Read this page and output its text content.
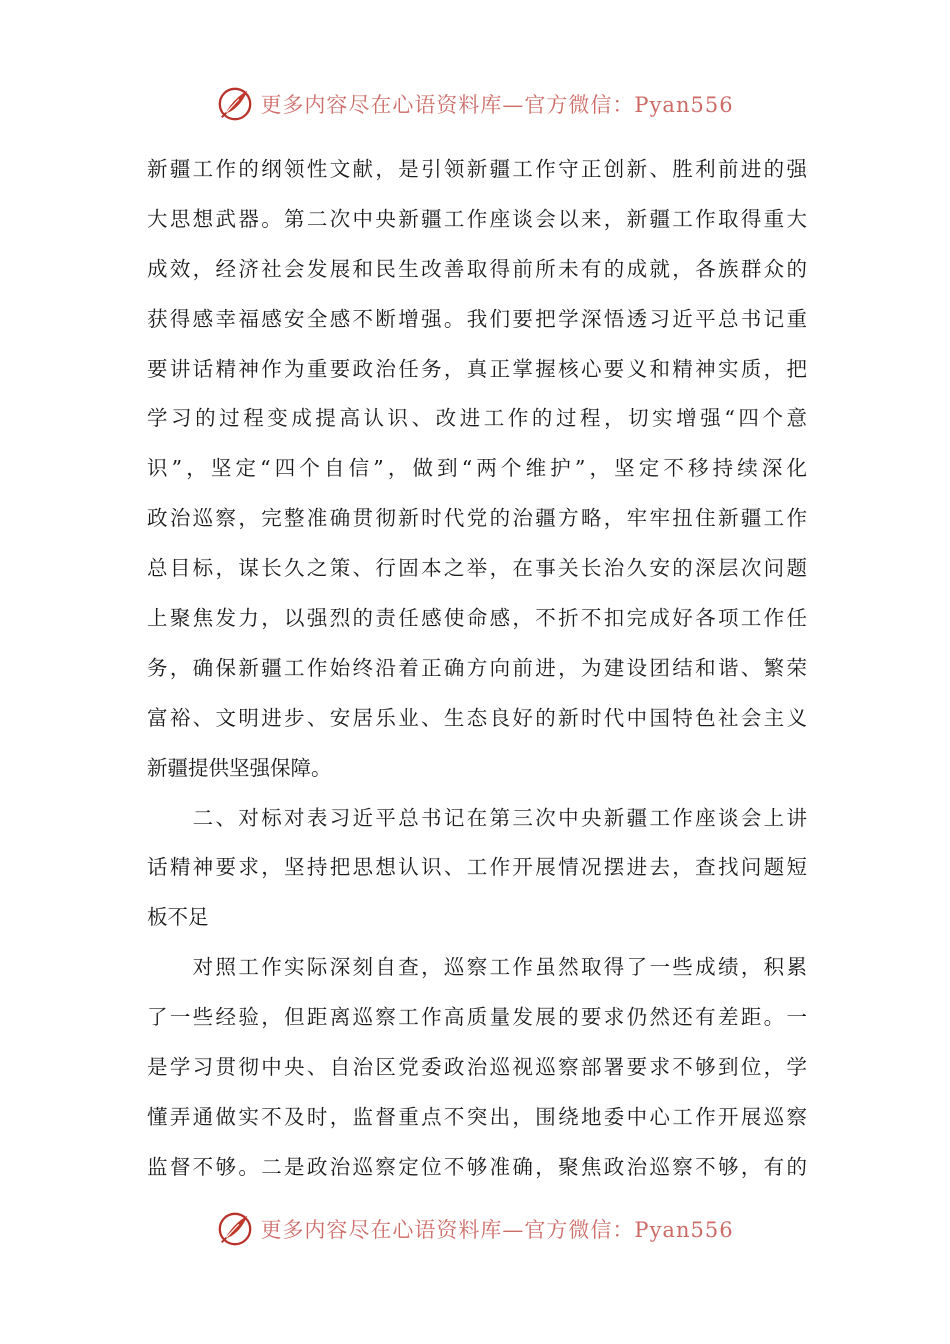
更多内容尽在心语资料库—官方微信：Pyan556
新疆工作的纲领性文献，是引领新疆工作守正创新、胜利前进的强
大思想武器。第二次中央新疆工作座谈会以来，新疆工作取得重大
成效，经济社会发展和民生改善取得前所未有的成就，各族群众的
获得感幸福感安全感不断增强。我们要把学深悟透习近平总书记重
要讲话精神作为重要政治任务，真正掌握核心要义和精神实质，把
学习的过程变成提高认识、改进工作的过程，切实增强“四个意
识”，坚定“四个自信”，做到“两个维护”，坚定不移持续深化
政治巡察，完整准确贯彻新时代党的治疆方略，牢牢扭住新疆工作
总目标，谋长久之策、行固本之举，在事关长治久安的深层次问题
上聚焦发力，以强烈的责任感使命感，不折不扣完成好各项工作任
务，确保新疆工作始终沿着正确方向前进，为建设团结和谐、繁荣
富裕、文明进步、安居乐业、生态良好的新时代中国特色社会主义
新疆提供坚强保障。
　　二、对标对表习近平总书记在第三次中央新疆工作座谈会上讲
话精神要求，坚持把思想认识、工作开展情况摆进去，查找问题短
板不足
　　对照工作实际深刻自查，巡察工作虽然取得了一些成绩，积累
了一些经验，但距离巡察工作高质量发展的要求仍然还有差距。一
是学习贯彻中央、自治区党委政治巡视巡察部署要求不够到位，学
懂弄通做实不及时，监督重点不突出，围绕地委中心工作开展巡察
监督不够。二是政治巡察定位不够准确，聚焦政治巡察不够，有的
更多内容尽在心语资料库—官方微信：Pyan556
